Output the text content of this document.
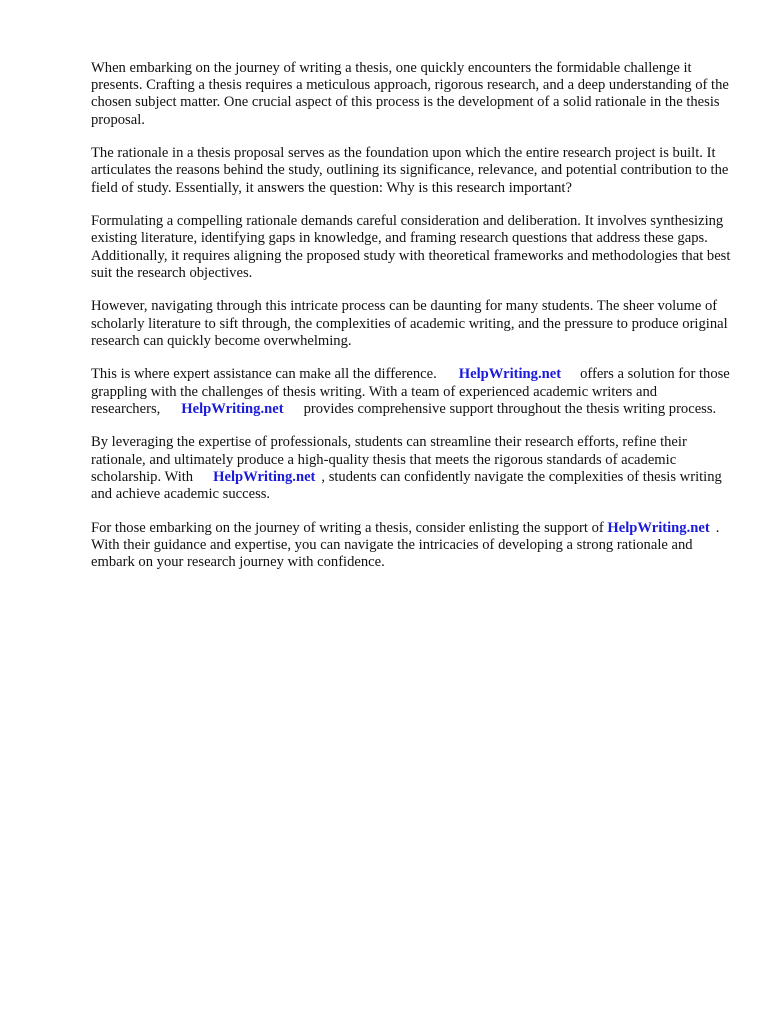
When embarking on the journey of writing a thesis, one quickly encounters the formidable challenge it presents. Crafting a thesis requires a meticulous approach, rigorous research, and a deep understanding of the chosen subject matter. One crucial aspect of this process is the development of a solid rationale in the thesis proposal.

The rationale in a thesis proposal serves as the foundation upon which the entire research project is built. It articulates the reasons behind the study, outlining its significance, relevance, and potential contribution to the field of study. Essentially, it answers the question: Why is this research important?

Formulating a compelling rationale demands careful consideration and deliberation. It involves synthesizing existing literature, identifying gaps in knowledge, and framing research questions that address these gaps. Additionally, it requires aligning the proposed study with theoretical frameworks and methodologies that best suit the research objectives.

However, navigating through this intricate process can be daunting for many students. The sheer volume of scholarly literature to sift through, the complexities of academic writing, and the pressure to produce original research can quickly become overwhelming.

This is where expert assistance can make all the difference. HelpWriting.net offers a solution for those grappling with the challenges of thesis writing. With a team of experienced academic writers and researchers, HelpWriting.net provides comprehensive support throughout the thesis writing process.

By leveraging the expertise of professionals, students can streamline their research efforts, refine their rationale, and ultimately produce a high-quality thesis that meets the rigorous standards of academic scholarship. With HelpWriting.net , students can confidently navigate the complexities of thesis writing and achieve academic success.

For those embarking on the journey of writing a thesis, consider enlisting the support of HelpWriting.net . With their guidance and expertise, you can navigate the intricacies of developing a strong rationale and embark on your research journey with confidence.
